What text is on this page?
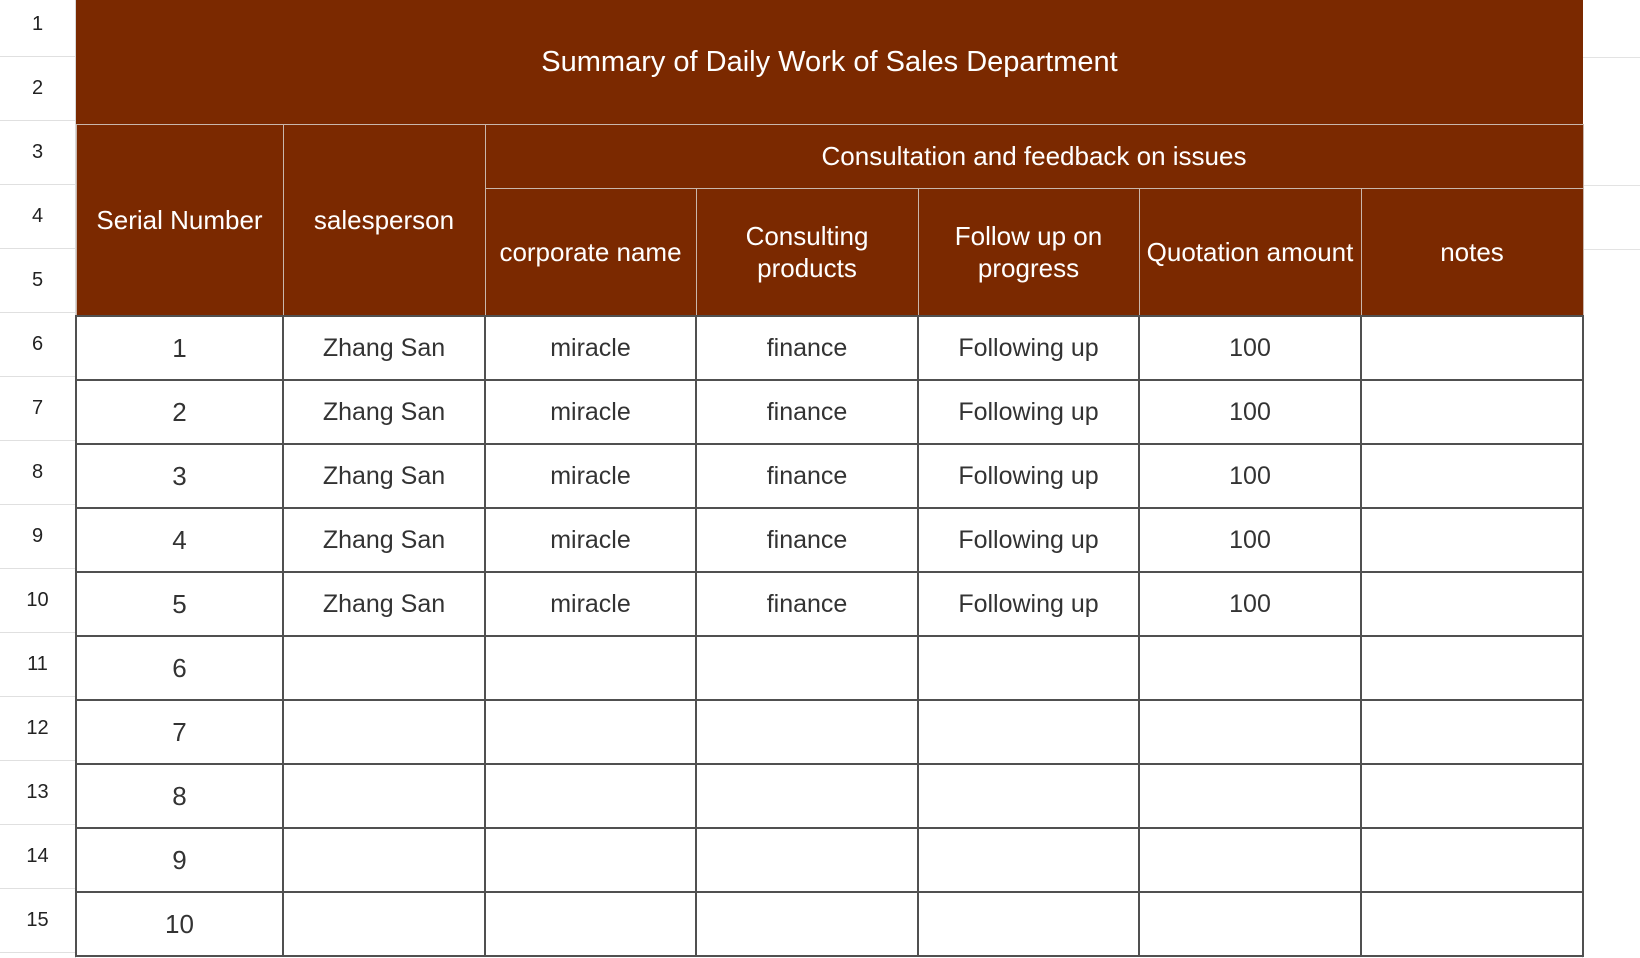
1
2
3
4
5
6
7
8
9
10
11
12
13
14
15
Summary of Daily Work of Sales Department						
Serial Number	salesperson	Consultation and feedback on issues				
		corporate name	Consulting products	Follow up on progress	Quotation amount	notes

1	Zhang San	miracle	finance	Following up	100	
2	Zhang San	miracle	finance	Following up	100	
3	Zhang San	miracle	finance	Following up	100	
4	Zhang San	miracle	finance	Following up	100	
5	Zhang San	miracle	finance	Following up	100	
6						
7						
8						
9						
10						
